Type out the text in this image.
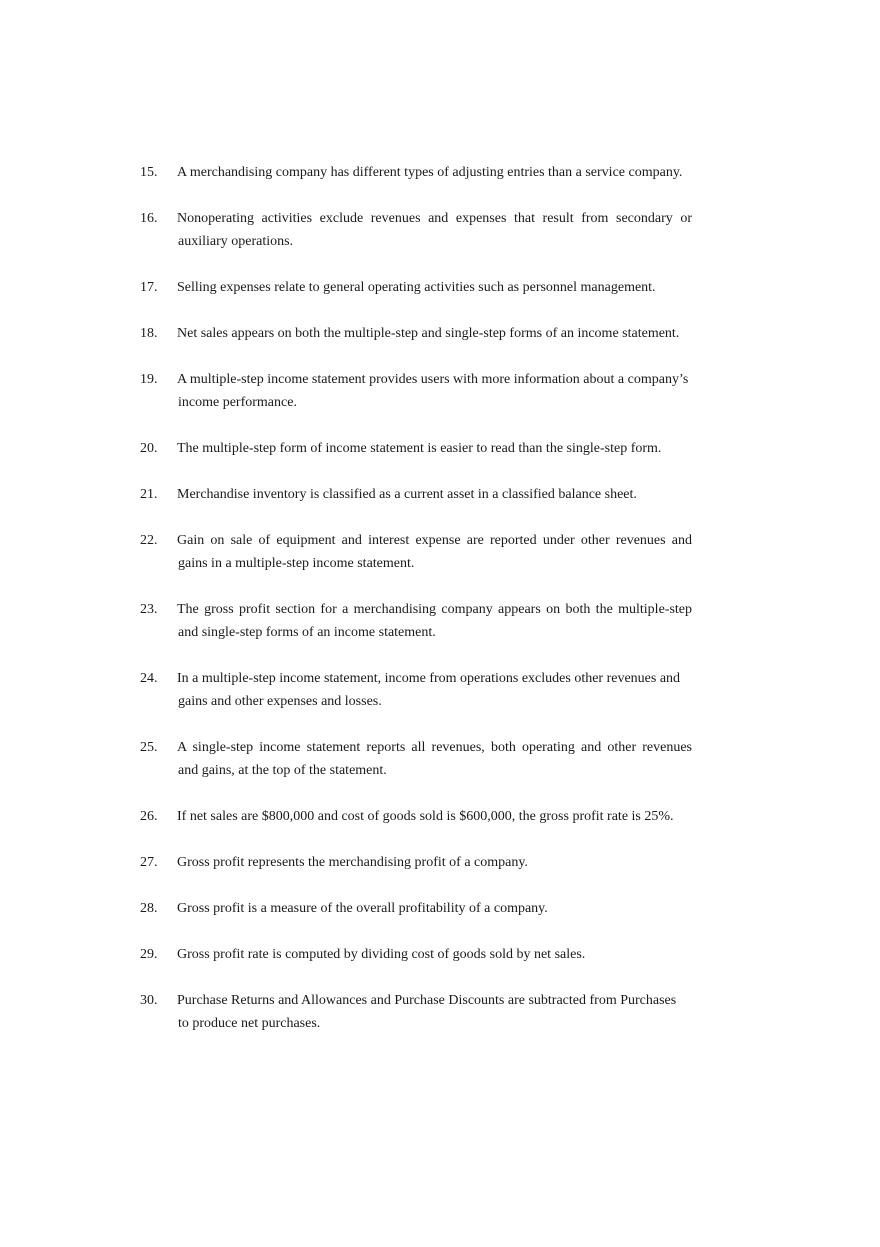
15. A merchandising company has different types of adjusting entries than a service company.
16. Nonoperating activities exclude revenues and expenses that result from secondary or
auxiliary operations.
17. Selling expenses relate to general operating activities such as personnel management.
18. Net sales appears on both the multiple-step and single-step forms of an income statement.
19. A multiple-step income statement provides users with more information about a company’s
income performance.
20. The multiple-step form of income statement is easier to read than the single-step form.
21. Merchandise inventory is classified as a current asset in a classified balance sheet.
22. Gain on sale of equipment and interest expense are reported under other revenues and
gains in a multiple-step income statement.
23. The gross profit section for a merchandising company appears on both the multiple-step
and single-step forms of an income statement.
24. In a multiple-step income statement, income from operations excludes other revenues and
gains and other expenses and losses.
25. A single-step income statement reports all revenues, both operating and other revenues
and gains, at the top of the statement.
26. If net sales are $800,000 and cost of goods sold is $600,000, the gross profit rate is 25%.
27. Gross profit represents the merchandising profit of a company.
28. Gross profit is a measure of the overall profitability of a company.
29. Gross profit rate is computed by dividing cost of goods sold by net sales.
30. Purchase Returns and Allowances and Purchase Discounts are subtracted from Purchases
to produce net purchases.
